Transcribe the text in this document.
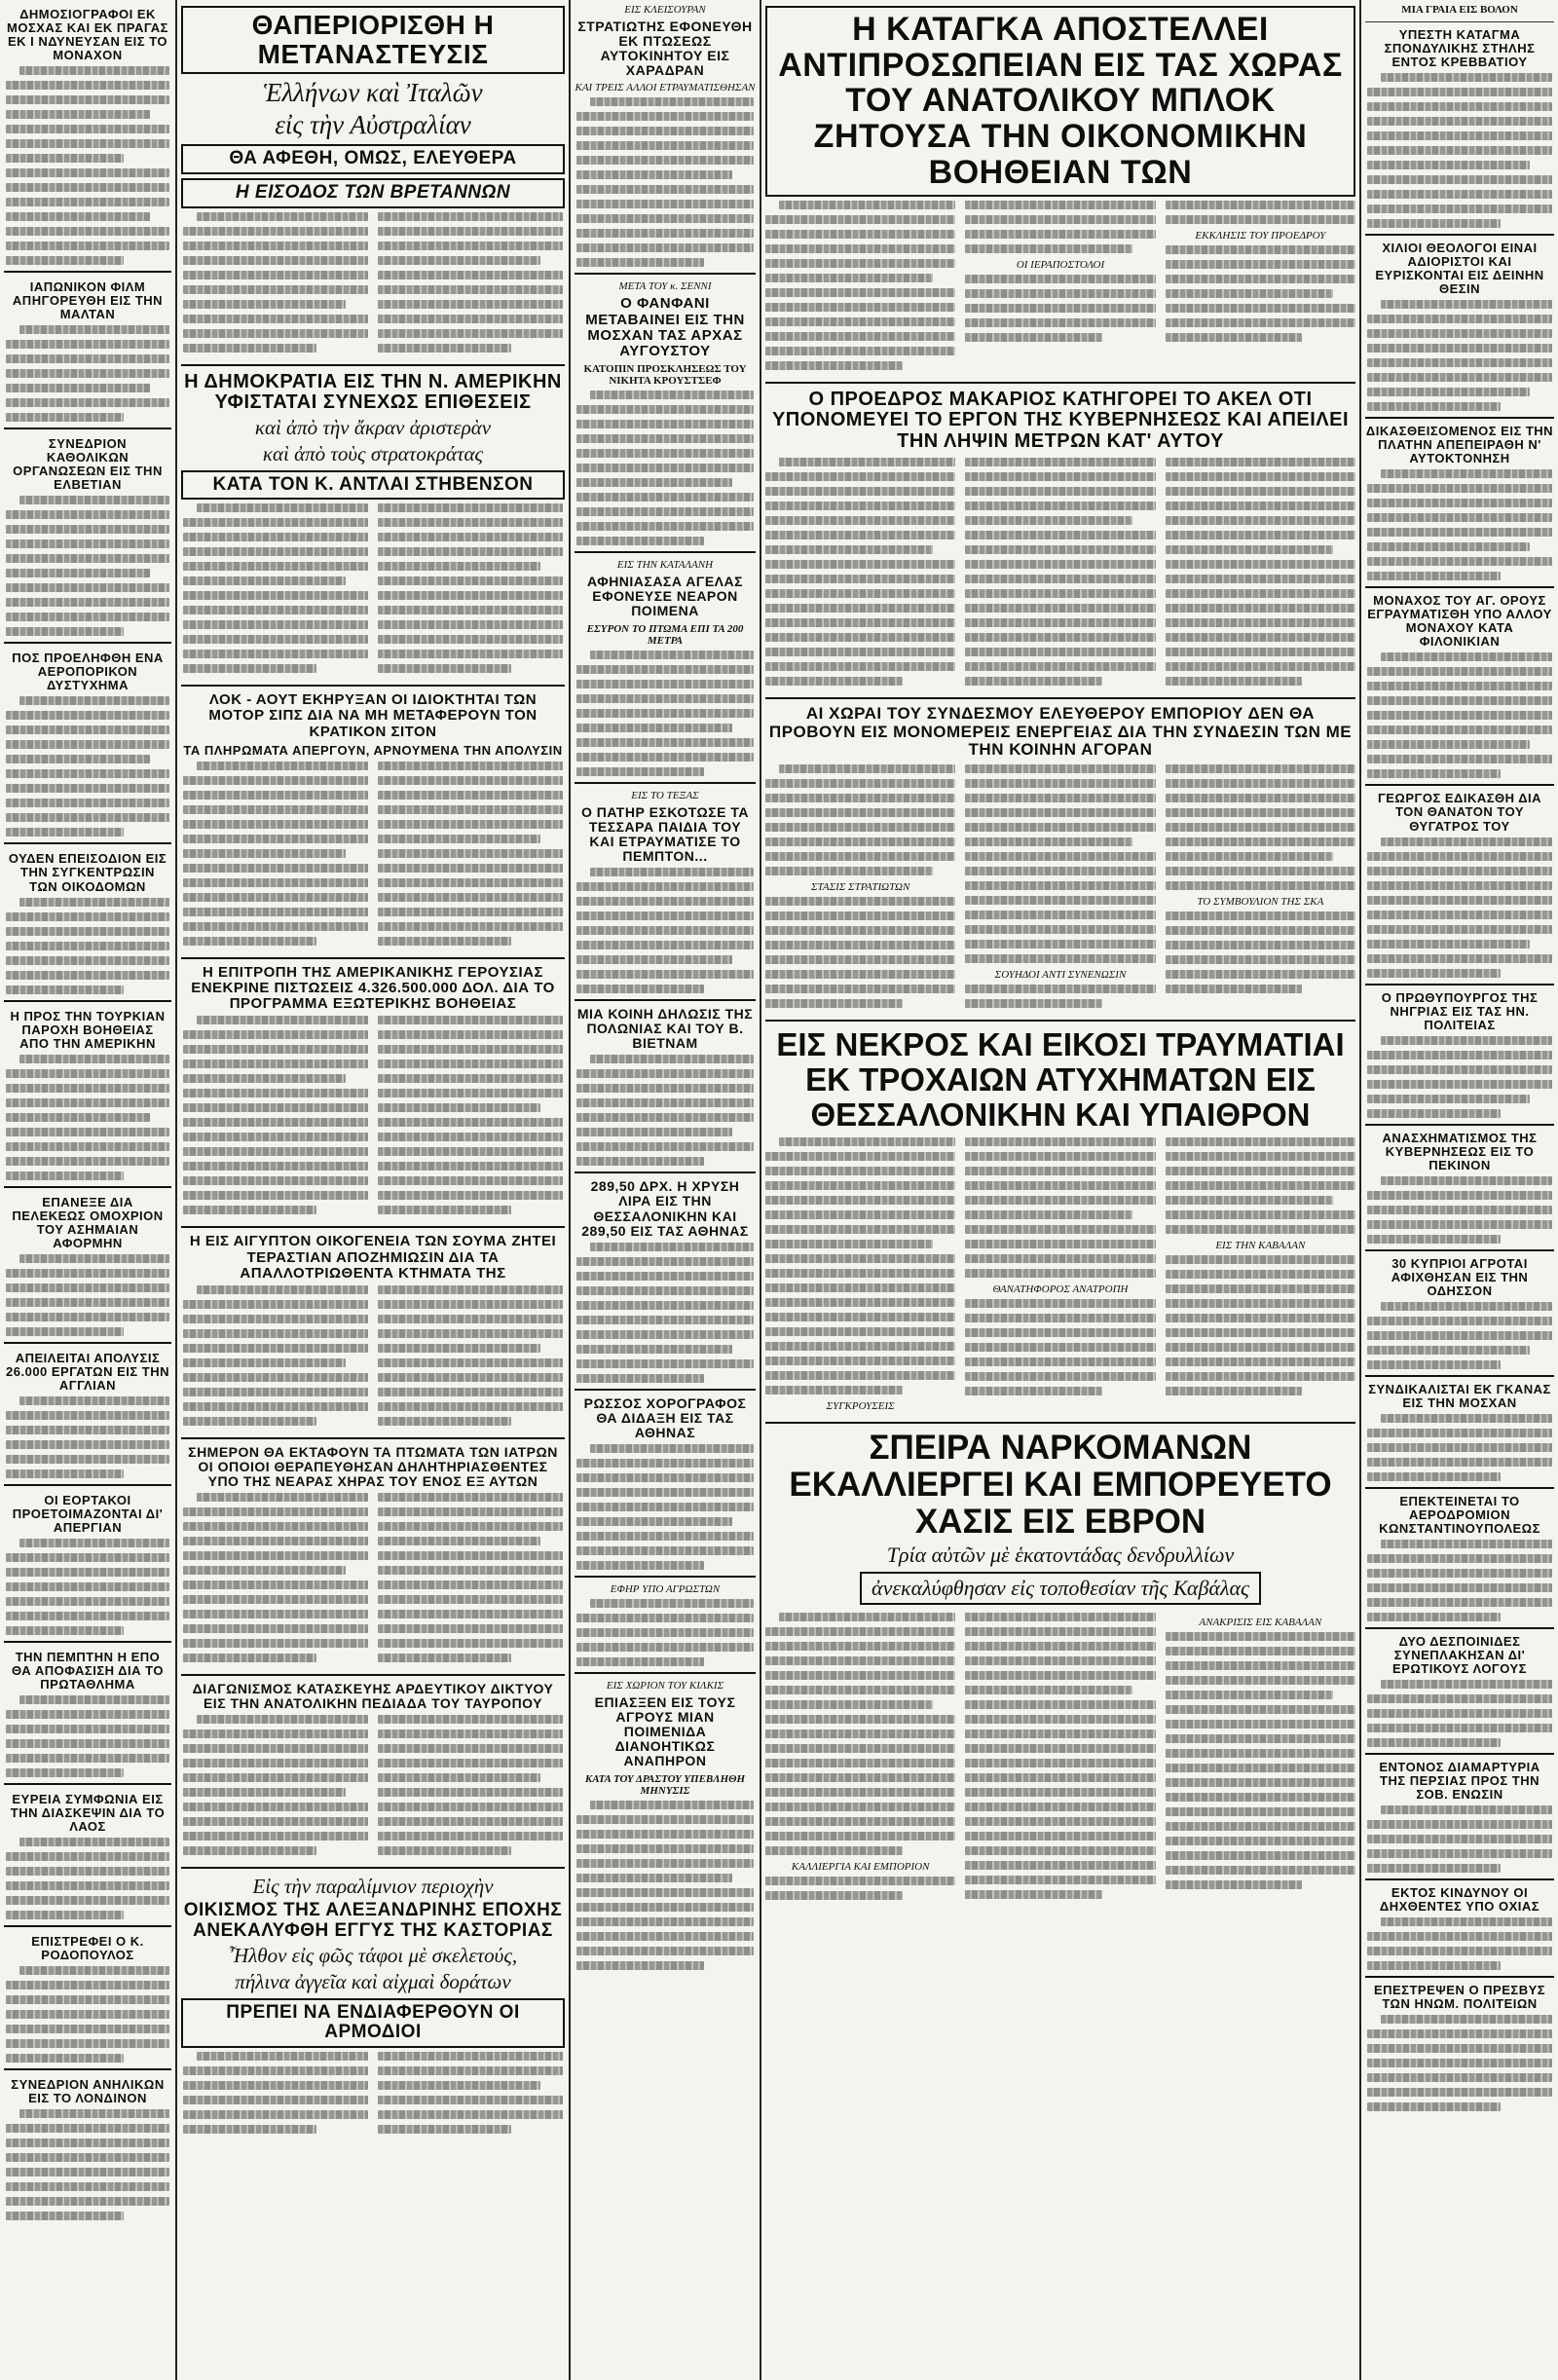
ΔΗΜΟΣΙΟΓΡΑΦΟΙ ΕΚ ΜΟΣΧΑΣ ΚΑΙ ΕΚ ΠΡΑΓΑΣ ΕΚ Ι ΝΔΥΝΕΥΣΑΝ ΕΙΣ ΤΟ ΜΟΝΑΧΟΝ
ΙΑΠΩΝΙΚΟΝ ΦΙΛΜ ΑΠΗΓΟΡΕΥΘΗ ΕΙΣ ΤΗΝ ΜΑΛΤΑΝ
ΣΥΝΕΔΡΙΟΝ ΚΑΘΟΛΙΚΩΝ ΟΡΓΑΝΩΣΕΩΝ ΕΙΣ ΤΗΝ ΕΛΒΕΤΙΑΝ
ΠΟΣ ΠΡΟΕΛΗΦΘΗ ΕΝΑ ΑΕΡΟΠΟΡΙΚΟΝ ΔΥΣΤΥΧΗΜΑ
ΟΥΔΕΝ ΕΠΕΙΣΟΔΙΟΝ ΕΙΣ ΤΗΝ ΣΥΓΚΕΝΤΡΩΣΙΝ ΤΩΝ ΟΙΚΟΔΟΜΩΝ
Η ΠΡΟΣ ΤΗΝ ΤΟΥΡΚΙΑΝ ΠΑΡΟΧΗ ΒΟΗΘΕΙΑΣ ΑΠΟ ΤΗΝ ΑΜΕΡΙΚΗΝ
ΕΠΑΝΕΞΕ ΔΙΑ ΠΕΛΕΚΕΩΣ ΟΜΟΧΡΙΟΝ ΤΟΥ ΑΣΗΜΑΙΑΝ ΑΦΟΡΜΗΝ
ΑΠΕΙΛΕΙΤΑΙ ΑΠΟΛΥΣΙΣ 26.000 ΕΡΓΑΤΩΝ ΕΙΣ ΤΗΝ ΑΓΓΛΙΑΝ
ΟΙ ΕΟΡΤΑΚΟΙ ΠΡΟΕΤΟΙΜΑΖΟΝΤΑΙ ΔΙ' ΑΠΕΡΓΙΑΝ
ΤΗΝ ΠΕΜΠΤΗΝ Η ΕΠΟ ΘΑ ΑΠΟΦΑΣΙΣΗ ΔΙΑ ΤΟ ΠΡΩΤΑΘΛΗΜΑ
ΕΥΡΕΙΑ ΣΥΜΦΩΝΙΑ ΕΙΣ ΤΗΝ ΔΙΑΣΚΕΨΙΝ ΔΙΑ ΤΟ ΛΑΟΣ
ΕΠΙΣΤΡΕΦΕΙ Ο Κ. ΡΟΔΟΠΟΥΛΟΣ
ΣΥΝΕΔΡΙΟΝ ΑΝΗΛΙΚΩΝ ΕΙΣ ΤΟ ΛΟΝΔΙΝΟΝ
ΘΑΠΕΡΙΟΡΙΣΘΗ Η ΜΕΤΑΝΑΣΤΕΥΣΙΣ
Ἑλλήνων καὶ Ἰταλῶν
εἰς τὴν Αὐστραλίαν
ΘΑ ΑΦΕΘΗ, ΟΜΩΣ, ΕΛΕΥΘΕΡΑ
Η ΕΙΣΟΔΟΣ ΤΩΝ ΒΡΕΤΑΝΝΩΝ
Η ΔΗΜΟΚΡΑΤΙΑ ΕΙΣ ΤΗΝ Ν. ΑΜΕΡΙΚΗΝ ΥΦΙΣΤΑΤΑΙ ΣΥΝΕΧΩΣ ΕΠΙΘΕΣΕΙΣ
καὶ ἀπὸ τὴν ἄκραν ἀριστερὰν
καὶ ἀπὸ τοὺς στρατοκράτας
ΚΑΤΑ ΤΟΝ Κ. ΑΝΤΛΑΙ ΣΤΗΒΕΝΣΟΝ
ΛΟΚ - ΑΟΥΤ ΕΚΗΡΥΞΑΝ ΟΙ ΙΔΙΟΚΤΗΤΑΙ ΤΩΝ ΜΟΤΟΡ ΣΙΠΣ ΔΙΑ ΝΑ ΜΗ ΜΕΤΑΦΕΡΟΥΝ ΤΟΝ ΚΡΑΤΙΚΟΝ ΣΙΤΟΝ
ΤΑ ΠΛΗΡΩΜΑΤΑ ΑΠΕΡΓΟΥΝ, ΑΡΝΟΥΜΕΝΑ ΤΗΝ ΑΠΟΛΥΣΙΝ
Η ΕΠΙΤΡΟΠΗ ΤΗΣ ΑΜΕΡΙΚΑΝΙΚΗΣ ΓΕΡΟΥΣΙΑΣ ΕΝΕΚΡΙΝΕ ΠΙΣΤΩΣΕΙΣ 4.326.500.000 ΔΟΛ. ΔΙΑ ΤΟ ΠΡΟΓΡΑΜΜΑ ΕΞΩΤΕΡΙΚΗΣ ΒΟΗΘΕΙΑΣ
Η ΕΙΣ ΑΙΓΥΠΤΟΝ ΟΙΚΟΓΕΝΕΙΑ ΤΩΝ ΣΟΥΜΑ ΖΗΤΕΙ ΤΕΡΑΣΤΙΑΝ ΑΠΟΖΗΜΙΩΣΙΝ ΔΙΑ ΤΑ ΑΠΑΛΛΟΤΡΙΩΘΕΝΤΑ ΚΤΗΜΑΤΑ ΤΗΣ
ΣΗΜΕΡΟΝ ΘΑ ΕΚΤΑΦΟΥΝ ΤΑ ΠΤΩΜΑΤΑ ΤΩΝ ΙΑΤΡΩΝ ΟΙ ΟΠΟΙΟΙ ΘΕΡΑΠΕΥΘΗΣΑΝ ΔΗΛΗΤΗΡΙΑΣΘΕΝΤΕΣ ΥΠΟ ΤΗΣ ΝΕΑΡΑΣ ΧΗΡΑΣ ΤΟΥ ΕΝΟΣ ΕΞ ΑΥΤΩΝ
ΔΙΑΓΩΝΙΣΜΟΣ ΚΑΤΑΣΚΕΥΗΣ ΑΡΔΕΥΤΙΚΟΥ ΔΙΚΤΥΟΥ ΕΙΣ ΤΗΝ ΑΝΑΤΟΛΙΚΗΝ ΠΕΔΙΑΔΑ ΤΟΥ ΤΑΥΡΟΠΟΥ
Εἰς τὴν παραλίμνιον περιοχὴν
ΟΙΚΙΣΜΟΣ ΤΗΣ ΑΛΕΞΑΝΔΡΙΝΗΣ ΕΠΟΧΗΣ ΑΝΕΚΑΛΥΦΘΗ ΕΓΓΥΣ ΤΗΣ ΚΑΣΤΟΡΙΑΣ
Ἦλθον εἰς φῶς τάφοι μὲ σκελετούς,
πήλινα ἀγγεῖα καὶ αἰχμαὶ δοράτων
ΠΡΕΠΕΙ ΝΑ ΕΝΔΙΑΦΕΡΘΟΥΝ ΟΙ ΑΡΜΟΔΙΟΙ
ΕΙΣ ΚΛΕΙΣΟΥΡΑΝ
ΣΤΡΑΤΙΩΤΗΣ ΕΦΟΝΕΥΘΗ ΕΚ ΠΤΩΣΕΩΣ ΑΥΤΟΚΙΝΗΤΟΥ ΕΙΣ ΧΑΡΑΔΡΑΝ
ΚΑΙ ΤΡΕΙΣ ΑΛΛΟΙ ΕΤΡΑΥΜΑΤΙΣΘΗΣΑΝ
ΜΕΤΑ ΤΟΥ κ. ΣΕΝΝΙ
Ο ΦΑΝΦΑΝΙ ΜΕΤΑΒΑΙΝΕΙ ΕΙΣ ΤΗΝ ΜΟΣΧΑΝ ΤΑΣ ΑΡΧΑΣ ΑΥΓΟΥΣΤΟΥ
ΚΑΤΟΠΙΝ ΠΡΟΣΚΛΗΣΕΩΣ ΤΟΥ ΝΙΚΗΤΑ ΚΡΟΥΣΤΣΕΦ
ΕΙΣ ΤΗΝ ΚΑΤΑΛΑΝΗ
ΑΦΗΝΙΑΣΑΣΑ ΑΓΕΛΑΣ ΕΦΟΝΕΥΣΕ ΝΕΑΡΟΝ ΠΟΙΜΕΝΑ
ΕΣΥΡΟΝ ΤΟ ΠΤΩΜΑ ΕΠΙ ΤΑ 200 ΜΕΤΡΑ
ΕΙΣ ΤΟ ΤΕΞΑΣ
Ο ΠΑΤΗΡ ΕΣΚΟΤΩΣΕ ΤΑ ΤΕΣΣΑΡΑ ΠΑΙΔΙΑ ΤΟΥ ΚΑΙ ΕΤΡΑΥΜΑΤΙΣΕ ΤΟ ΠΕΜΠΤΟΝ...
ΜΙΑ ΚΟΙΝΗ ΔΗΛΩΣΙΣ ΤΗΣ ΠΟΛΩΝΙΑΣ ΚΑΙ ΤΟΥ Β. ΒΙΕΤΝΑΜ
289,50 ΔΡΧ. Η ΧΡΥΣΗ ΛΙΡΑ ΕΙΣ ΤΗΝ ΘΕΣΣΑΛΟΝΙΚΗΝ ΚΑΙ 289,50 ΕΙΣ ΤΑΣ ΑΘΗΝΑΣ
ΡΩΣΣΟΣ ΧΟΡΟΓΡΑΦΟΣ ΘΑ ΔΙΔΑΞΗ ΕΙΣ ΤΑΣ ΑΘΗΝΑΣ
ΕΦΗΡ ΥΠΟ ΑΓΡΩΣΤΩΝ
ΕΙΣ ΧΩΡΙΟΝ ΤΟΥ ΚΙΛΚΙΣ
ΕΠΙΑΣΞΕΝ ΕΙΣ ΤΟΥΣ ΑΓΡΟΥΣ ΜΙΑΝ ΠΟΙΜΕΝΙΔΑ ΔΙΑΝΟΗΤΙΚΩΣ ΑΝΑΠΗΡΟΝ
ΚΑΤΑ ΤΟΥ ΔΡΑΣΤΟΥ ΥΠΕΒΛΗΘΗ ΜΗΝΥΣΙΣ
Η ΚΑΤΑΓΚΑ ΑΠΟΣΤΕΛΛΕΙ ΑΝΤΙΠΡΟΣΩΠΕΙΑΝ ΕΙΣ ΤΑΣ ΧΩΡΑΣ ΤΟΥ ΑΝΑΤΟΛΙΚΟΥ ΜΠΛΟΚ
ΖΗΤΟΥΣΑ ΤΗΝ ΟΙΚΟΝΟΜΙΚΗΝ ΒΟΗΘΕΙΑΝ ΤΩΝ
ΟΙ ΙΕΡΑΠΟΣΤΟΛΟΙ
ΕΚΚΛΗΣΙΣ ΤΟΥ ΠΡΟΕΔΡΟΥ
Ο ΠΡΟΕΔΡΟΣ ΜΑΚΑΡΙΟΣ ΚΑΤΗΓΟΡΕΙ ΤΟ ΑΚΕΛ ΟΤΙ ΥΠΟΝΟΜΕΥΕΙ ΤΟ ΕΡΓΟΝ ΤΗΣ ΚΥΒΕΡΝΗΣΕΩΣ ΚΑΙ ΑΠΕΙΛΕΙ ΤΗΝ ΛΗΨΙΝ ΜΕΤΡΩΝ ΚΑΤ' ΑΥΤΟΥ
ΑΙ ΧΩΡΑΙ ΤΟΥ ΣΥΝΔΕΣΜΟΥ ΕΛΕΥΘΕΡΟΥ ΕΜΠΟΡΙΟΥ ΔΕΝ ΘΑ ΠΡΟΒΟΥΝ ΕΙΣ ΜΟΝΟΜΕΡΕΙΣ ΕΝΕΡΓΕΙΑΣ ΔΙΑ ΤΗΝ ΣΥΝΔΕΣΙΝ ΤΩΝ ΜΕ ΤΗΝ ΚΟΙΝΗΝ ΑΓΟΡΑΝ
ΣΤΑΣΙΣ ΣΤΡΑΤΙΩΤΩΝ
ΣΟΥΗΔΟΙ ΑΝΤΙ ΣΥΝΕΝΩΣΙΝ
ΤΟ ΣΥΜΒΟΥΛΙΟΝ ΤΗΣ ΣΚΑ
ΕΙΣ ΝΕΚΡΟΣ ΚΑΙ ΕΙΚΟΣΙ ΤΡΑΥΜΑΤΙΑΙ ΕΚ ΤΡΟΧΑΙΩΝ ΑΤΥΧΗΜΑΤΩΝ ΕΙΣ ΘΕΣΣΑΛΟΝΙΚΗΝ ΚΑΙ ΥΠΑΙΘΡΟΝ
ΣΥΓΚΡΟΥΣΕΙΣ
ΘΑΝΑΤΗΦΟΡΟΣ ΑΝΑΤΡΟΠΗ
ΕΙΣ ΤΗΝ ΚΑΒΑΛΑΝ
ΣΠΕΙΡΑ ΝΑΡΚΟΜΑΝΩΝ ΕΚΑΛΛΙΕΡΓΕΙ ΚΑΙ ΕΜΠΟΡΕΥΕΤΟ ΧΑΣΙΣ ΕΙΣ ΕΒΡΟΝ
Τρία αὐτῶν μὲ ἑκατοντάδας δενδρυλλίων
ἀνεκαλύφθησαν εἰς τοποθεσίαν τῆς Καβάλας
ΚΑΛΛΙΕΡΓΙΑ ΚΑΙ ΕΜΠΟΡΙΟΝ
ΑΝΑΚΡΙΣΙΣ ΕΙΣ ΚΑΒΑΛΑΝ
ΜΙΑ ΓΡΑΙΑ ΕΙΣ ΒΟΛΟΝ
ΥΠΕΣΤΗ ΚΑΤΑΓΜΑ ΣΠΟΝΔΥΛΙΚΗΣ ΣΤΗΛΗΣ ΕΝΤΟΣ ΚΡΕΒΒΑΤΙΟΥ
ΧΙΛΙΟΙ ΘΕΟΛΟΓΟΙ ΕΙΝΑΙ ΑΔΙΟΡΙΣΤΟΙ ΚΑΙ ΕΥΡΙΣΚΟΝΤΑΙ ΕΙΣ ΔΕΙΝΗΝ ΘΕΣΙΝ
ΔΙΚΑΣΘΕΙΣΟΜΕΝΟΣ ΕΙΣ ΤΗΝ ΠΛΑΤΗΝ ΑΠΕΠΕΙΡΑΘΗ Ν' ΑΥΤΟΚΤΟΝΗΣΗ
ΜΟΝΑΧΟΣ ΤΟΥ ΑΓ. ΟΡΟΥΣ ΕΓΡΑΥΜΑΤΙΣΘΗ ΥΠΟ ΑΛΛΟΥ ΜΟΝΑΧΟΥ ΚΑΤΑ ΦΙΛΟΝΙΚΙΑΝ
ΓΕΩΡΓΟΣ ΕΔΙΚΑΣΘΗ ΔΙΑ ΤΟΝ ΘΑΝΑΤΟΝ ΤΟΥ ΘΥΓΑΤΡΟΣ ΤΟΥ
Ο ΠΡΩΘΥΠΟΥΡΓΟΣ ΤΗΣ ΝΗΓΡΙΑΣ ΕΙΣ ΤΑΣ ΗΝ. ΠΟΛΙΤΕΙΑΣ
ΑΝΑΣΧΗΜΑΤΙΣΜΟΣ ΤΗΣ ΚΥΒΕΡΝΗΣΕΩΣ ΕΙΣ ΤΟ ΠΕΚΙΝΟΝ
30 ΚΥΠΡΙΟΙ ΑΓΡΟΤΑΙ ΑΦΙΧΘΗΣΑΝ ΕΙΣ ΤΗΝ ΟΔΗΣΣΟΝ
ΣΥΝΔΙΚΑΛΙΣΤΑΙ ΕΚ ΓΚΑΝΑΣ ΕΙΣ ΤΗΝ ΜΟΣΧΑΝ
ΕΠΕΚΤΕΙΝΕΤΑΙ ΤΟ ΑΕΡΟΔΡΟΜΙΟΝ ΚΩΝΣΤΑΝΤΙΝΟΥΠΟΛΕΩΣ
ΔΥΟ ΔΕΣΠΟΙΝΙΔΕΣ ΣΥΝΕΠΛΑΚΗΣΑΝ ΔΙ' ΕΡΩΤΙΚΟΥΣ ΛΟΓΟΥΣ
ΕΝΤΟΝΟΣ ΔΙΑΜΑΡΤΥΡΙΑ ΤΗΣ ΠΕΡΣΙΑΣ ΠΡΟΣ ΤΗΝ ΣΟΒ. ΕΝΩΣΙΝ
ΕΚΤΟΣ ΚΙΝΔΥΝΟΥ ΟΙ ΔΗΧΘΕΝΤΕΣ ΥΠΟ ΟΧΙΑΣ
ΕΠΕΣΤΡΕΨΕΝ Ο ΠΡΕΣΒΥΣ ΤΩΝ ΗΝΩΜ. ΠΟΛΙΤΕΙΩΝ
